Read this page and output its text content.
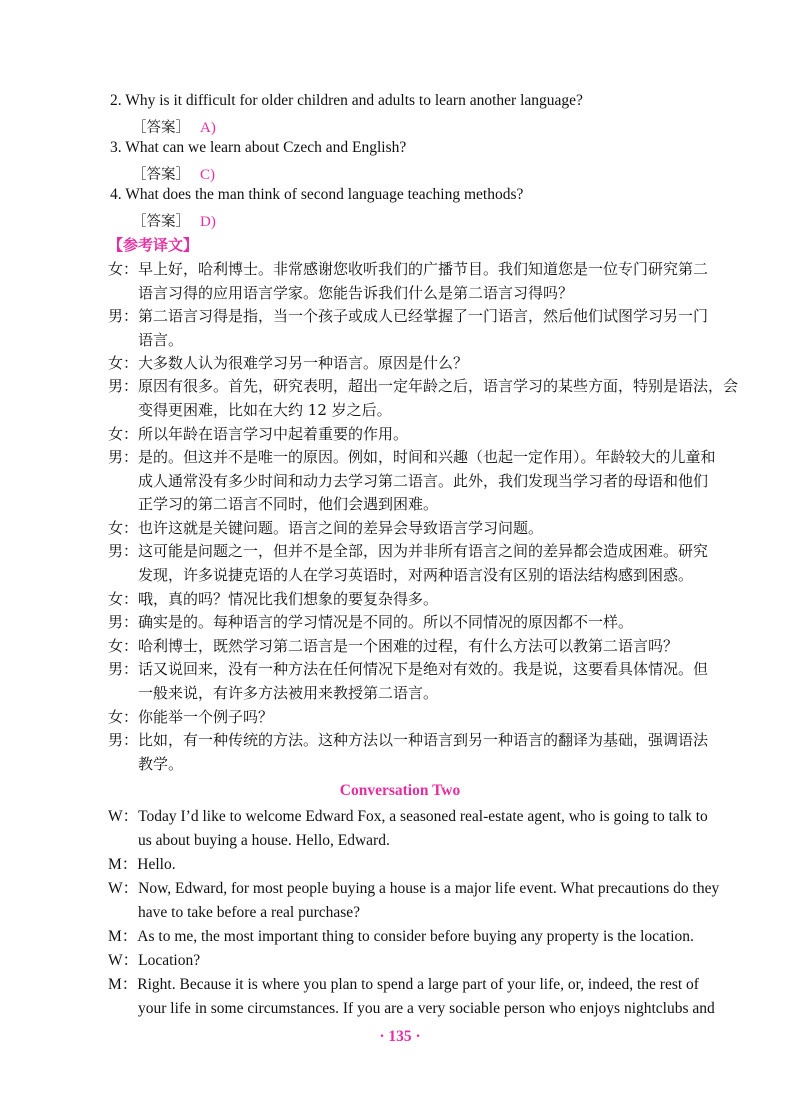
2. Why is it difficult for older children and adults to learn another language?
［答案］ A)
3. What can we learn about Czech and English?
［答案］ C)
4. What does the man think of second language teaching methods?
［答案］ D)
【参考译文】
女：早上好，哈利博士。非常感谢您收听我们的广播节目。我们知道您是一位专门研究第二
语言习得的应用语言学家。您能告诉我们什么是第二语言习得吗？
男：第二语言习得是指，当一个孩子或成人已经掌握了一门语言，然后他们试图学习另一门
语言。
女：大多数人认为很难学习另一种语言。原因是什么？
男：原因有很多。首先，研究表明，超出一定年龄之后，语言学习的某些方面，特别是语法，会
变得更困难，比如在大约 12 岁之后。
女：所以年龄在语言学习中起着重要的作用。
男：是的。但这并不是唯一的原因。例如，时间和兴趣（也起一定作用）。年龄较大的儿童和
成人通常没有多少时间和动力去学习第二语言。此外，我们发现当学习者的母语和他们
正学习的第二语言不同时，他们会遇到困难。
女：也许这就是关键问题。语言之间的差异会导致语言学习问题。
男：这可能是问题之一，但并不是全部，因为并非所有语言之间的差异都会造成困难。研究
发现，许多说捷克语的人在学习英语时，对两种语言没有区别的语法结构感到困惑。
女：哦，真的吗？情况比我们想象的要复杂得多。
男：确实是的。每种语言的学习情况是不同的。所以不同情况的原因都不一样。
女：哈利博士，既然学习第二语言是一个困难的过程，有什么方法可以教第二语言吗？
男：话又说回来，没有一种方法在任何情况下是绝对有效的。我是说，这要看具体情况。但
一般来说，有许多方法被用来教授第二语言。
女：你能举一个例子吗？
男：比如，有一种传统的方法。这种方法以一种语言到另一种语言的翻译为基础，强调语法
教学。
Conversation Two
W：Today I’d like to welcome Edward Fox, a seasoned real-estate agent, who is going to talk to
us about buying a house. Hello, Edward.
M：Hello.
W：Now, Edward, for most people buying a house is a major life event. What precautions do they
have to take before a real purchase?
M：As to me, the most important thing to consider before buying any property is the location.
W：Location?
M：Right. Because it is where you plan to spend a large part of your life, or, indeed, the rest of
your life in some circumstances. If you are a very sociable person who enjoys nightclubs and
· 135 ·
